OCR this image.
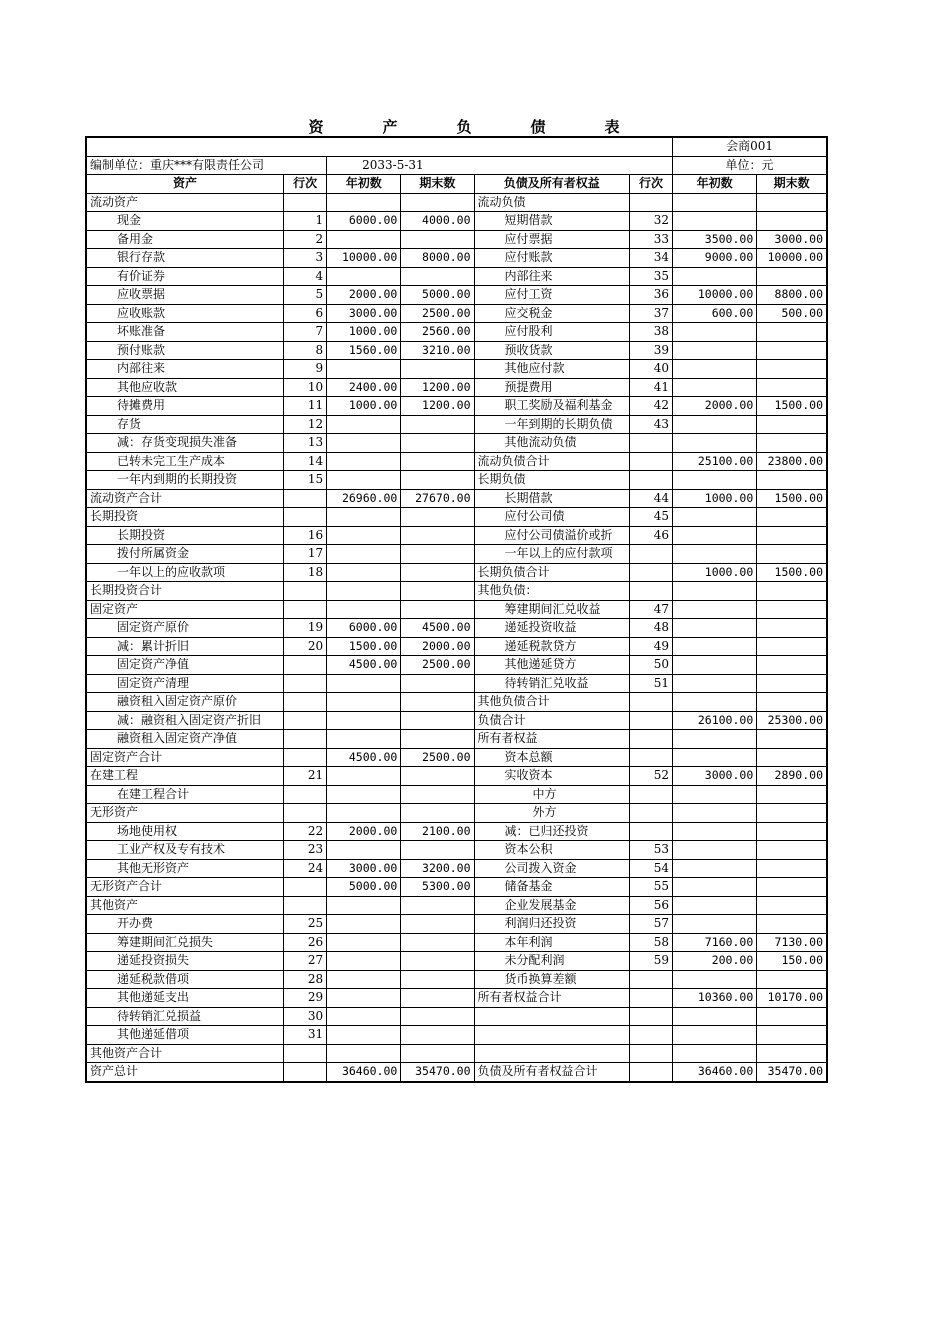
资　产　负　债　表
						会商001	
编制单位：重庆***有限责任公司		2033-5-31				单位：元	
资产	行次	年初数	期末数	负债及所有者权益	行次	年初数	期末数
流动资产				流动负债			
现金	1	6000.00	4000.00	短期借款	32		
备用金	2			应付票据	33	3500.00	3000.00
银行存款	3	10000.00	8000.00	应付账款	34	9000.00	10000.00
有价证券	4			内部往来	35		
应收票据	5	2000.00	5000.00	应付工资	36	10000.00	8800.00
应收账款	6	3000.00	2500.00	应交税金	37	600.00	500.00
坏账准备	7	1000.00	2560.00	应付股利	38		
预付账款	8	1560.00	3210.00	预收货款	39		
内部往来	9			其他应付款	40		
其他应收款	10	2400.00	1200.00	预提费用	41		
待摊费用	11	1000.00	1200.00	职工奖励及福利基金	42	2000.00	1500.00
存货	12			一年到期的长期负债	43		
减：存货变现损失准备	13			其他流动负债			
已转未完工生产成本	14			流动负债合计		25100.00	23800.00
一年内到期的长期投资	15			长期负债			
流动资产合计		26960.00	27670.00	长期借款	44	1000.00	1500.00
长期投资				应付公司债	45		
长期投资	16			应付公司债溢价或折	46		
拨付所属资金	17			一年以上的应付款项			
一年以上的应收款项	18			长期负债合计		1000.00	1500.00
长期投资合计				其他负债：			
固定资产				筹建期间汇兑收益	47		
固定资产原价	19	6000.00	4500.00	递延投资收益	48		
减：累计折旧	20	1500.00	2000.00	递延税款贷方	49		
固定资产净值		4500.00	2500.00	其他递延贷方	50		
固定资产清理				待转销汇兑收益	51		
融资租入固定资产原价				其他负债合计			
减：融资租入固定资产折旧				负债合计		26100.00	25300.00
融资租入固定资产净值				所有者权益			
固定资产合计		4500.00	2500.00	资本总额			
在建工程	21			实收资本	52	3000.00	2890.00
在建工程合计				中方			
无形资产				外方			
场地使用权	22	2000.00	2100.00	减：已归还投资			
工业产权及专有技术	23			资本公积	53		
其他无形资产	24	3000.00	3200.00	公司拨入资金	54		
无形资产合计		5000.00	5300.00	储备基金	55		
其他资产				企业发展基金	56		
开办费	25			利润归还投资	57		
筹建期间汇兑损失	26			本年利润	58	7160.00	7130.00
递延投资损失	27			未分配利润	59	200.00	150.00
递延税款借项	28			货币换算差额			
其他递延支出	29			所有者权益合计		10360.00	10170.00
待转销汇兑损益	30						
其他递延借项	31						
其他资产合计							
资产总计		36460.00	35470.00	负债及所有者权益合计		36460.00	35470.00
